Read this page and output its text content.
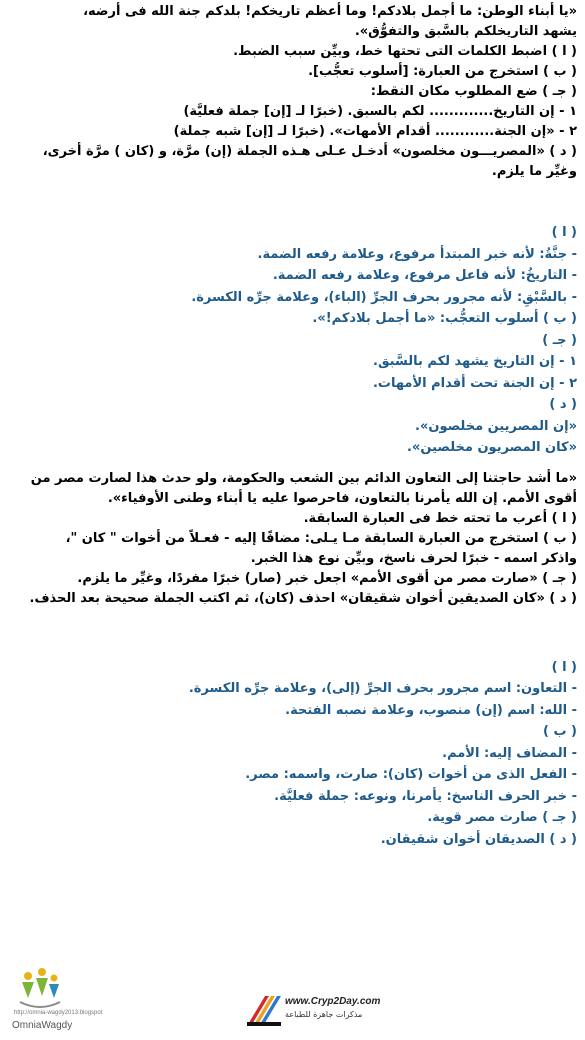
«يا أبناء الوطن: ما أجمل بلادكم! وما أعظم تاريخكم! بلدكم جنة الله فى أرضه،

يشهد التاريخلكم بالسَّبق والتفوُّق».

( ا ) اضبط الكلمات التى تحتها خط، وبيِّن سبب الضبط.

( ب ) استخرج من العبارة: [أسلوب تعجُّب].

( جـ ) ضع المطلوب مكان النقط:

١ - إن التاريخ............. لكم بالسبق. (خبرًا لـ [إن] جملة فعليَّة)

٢ - «إن الجنة............ أقدام الأمهات». (خبرًا لـ [إن] شبه جملة)

( د ) «المصريـــون مخلصون» أدخـل عـلى هـذه الجملة (إن) مرَّة، و (كان ) مرَّة أخرى،

وغيِّر ما يلزم.

( ا )

- جنَّةُ: لأنه خبر المبتدأ مرفوع، وعلامة رفعه الضمة.

- التاريخُ: لأنه فاعل مرفوع، وعلامة رفعه الضمة.

- بالسَّبْقِ: لأنه مجرور بحرف الجرِّ (الباء)، وعلامة جرِّه الكسرة.

( ب ) أسلوب التعجُّب: «ما أجمل بلادكم!».

( جـ )

١ - إن التاريخ يشهد لكم بالسَّبق.

٢ - إن الجنة تحت أقدام الأمهات.

( د )

«إن المصريين مخلصون».

«كان المصريون مخلصين».

«ما أشد حاجتنا إلى التعاون الدائم بين الشعب والحكومة، ولو حدث هذا لصارت مصر من

أقوى الأمم. إن الله يأمرنا بالتعاون، فاحرصوا عليه يا أبناء وطنى الأوفياء».

( ا ) أعرب ما تحته خط فى العبارة السابقة.

( ب ) استخرج من العبارة السابقة مـا يـلى: مضافًا إليه - فعـلاً من أخوات " كان "،

واذكر اسمه - خبرًا لحرف ناسخ، وبيِّن نوع هذا الخبر.

( جـ ) «صارت مصر من أقوى الأمم» اجعل خبر (صار) خبرًا مفردًا، وغيِّر ما يلزم.

( د ) «كان الصديقين أخوان شقيقان» احذف (كان)، ثم اكتب الجملة صحيحة بعد الحذف.

( ا )

- التعاون: اسم مجرور بحرف الجرِّ (إلى)، وعلامة جرِّه الكسرة.

- الله: اسم (إن) منصوب، وعلامة نصبه الفتحة.

( ب )

- المضاف إليه: الأمم.

- الفعل الذى من أخوات (كان): صارت، واسمه: مصر.

- خبر الحرف الناسخ: يأمرنا، ونوعه: جملة فعليَّة.

( جـ ) صارت مصر قوية.

( د ) الصديقان أخوان شقيقان.

http://omnia-wagdy2013.blogspot
OmniaWagdy
www.Cryp2Day.com
مذكرات جاهزة للطباعة
